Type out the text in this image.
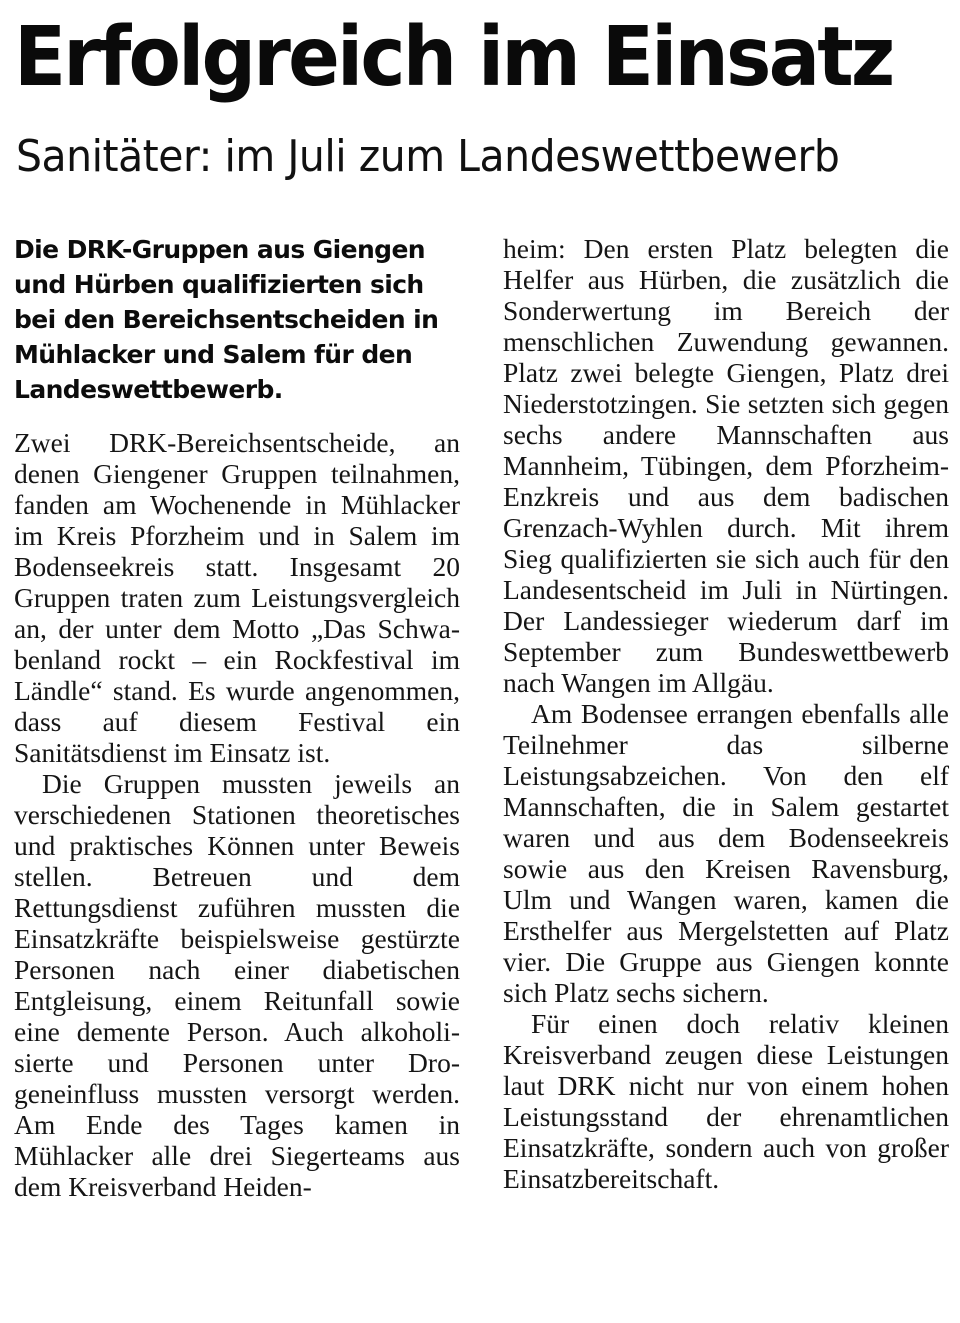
Erfolgreich im Einsatz
Sanitäter: im Juli zum Landeswettbewerb

Die DRK-Gruppen aus Giengen und Hürben qualifizierten sich bei den Bereichsentscheiden in Mühlacker und Salem für den Landeswettbewerb.

Zwei DRK-Bereichsentscheide, an denen Giengener Gruppen teilnahmen, fanden am Wochenende in Mühlacker im Kreis Pforzheim und in Salem im Bodenseekreis statt. Insgesamt 20 Gruppen traten zum Leistungsvergleich an, der unter dem Motto „Das Schwabenland rockt – ein Rockfestival im Ländle“ stand. Es wurde angenommen, dass auf diesem Festival ein Sanitätsdienst im Einsatz ist.

Die Gruppen mussten jeweils an verschiedenen Stationen theoretisches und praktisches Können unter Beweis stellen. Betreuen und dem Rettungsdienst zuführen mussten die Einsatzkräfte beispielsweise gestürzte Personen nach einer diabetischen Entgleisung, einem Reitunfall sowie eine demente Person. Auch alkoholisierte und Personen unter Drogeneinfluss mussten versorgt werden. Am Ende des Tages kamen in Mühlacker alle drei Siegerteams aus dem Kreisverband Heiden-

heim: Den ersten Platz belegten die Helfer aus Hürben, die zusätzlich die Sonderwertung im Bereich der menschlichen Zuwendung gewannen. Platz zwei belegte Giengen, Platz drei Niederstotzingen. Sie setzten sich gegen sechs andere Mannschaften aus Mannheim, Tübingen, dem Pforzheim-Enzkreis und aus dem badischen Grenzach-Wyhlen durch. Mit ihrem Sieg qualifizierten sie sich auch für den Landesentscheid im Juli in Nürtingen. Der Landessieger wiederum darf im September zum Bundeswettbewerb nach Wangen im Allgäu.

Am Bodensee errangen ebenfalls alle Teilnehmer das silberne Leistungsabzeichen. Von den elf Mannschaften, die in Salem gestartet waren und aus dem Bodenseekreis sowie aus den Kreisen Ravensburg, Ulm und Wangen waren, kamen die Ersthelfer aus Mergelstetten auf Platz vier. Die Gruppe aus Giengen konnte sich Platz sechs sichern.

Für einen doch relativ kleinen Kreisverband zeugen diese Leistungen laut DRK nicht nur von einem hohen Leistungsstand der ehrenamtlichen Einsatzkräfte, sondern auch von großer Einsatzbereitschaft.
